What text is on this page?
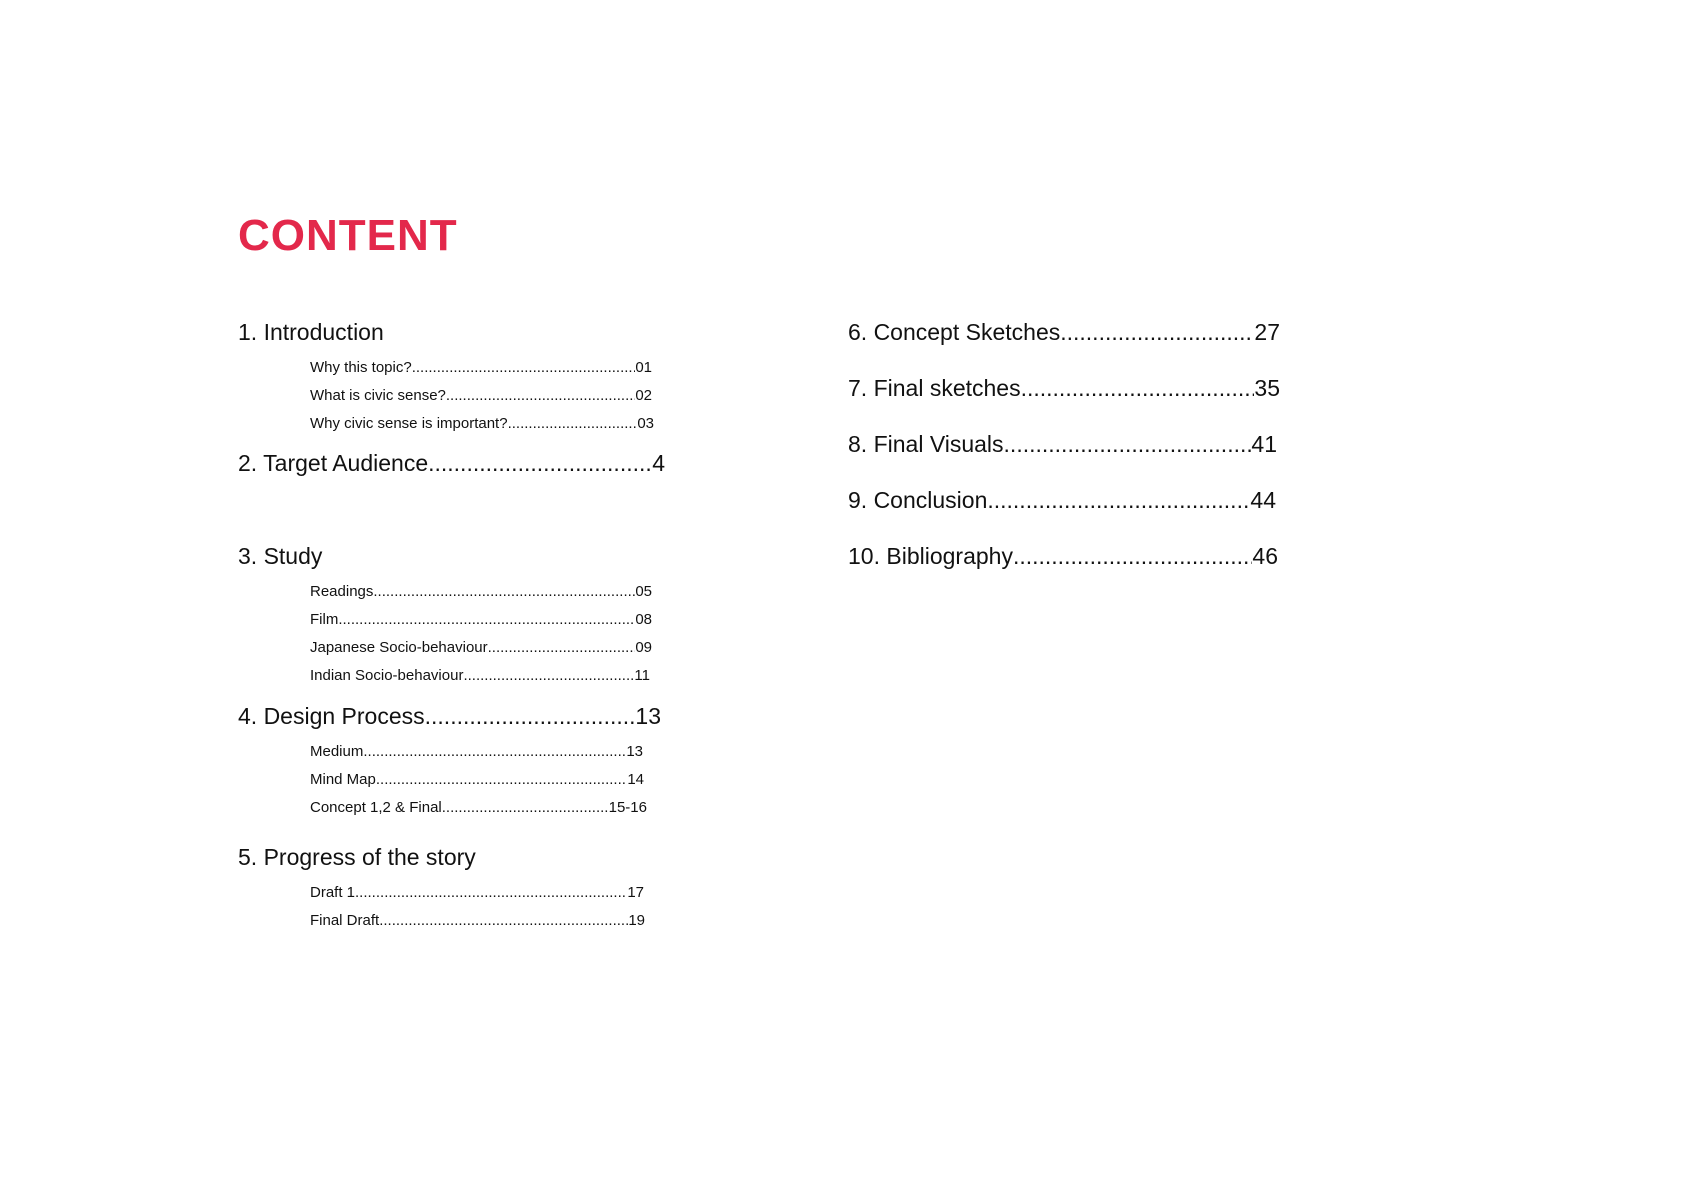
CONTENT
1. Introduction
Why this topic? .....	01
What is civic sense? .....	02
Why civic sense is important? .....	03
2. Target Audience .....	4
3. Study
Readings .....	05
Film .....	08
Japanese Socio-behaviour .....	09
Indian Socio-behaviour .....	11
4. Design Process .....	13
Medium .....	13
Mind Map .....	14
Concept 1,2 & Final .....	15-16
5. Progress of the story
Draft 1 .....	17
Final Draft .....	19
6. Concept Sketches .....	27
7. Final sketches .....	35
8. Final Visuals .....	41
9. Conclusion .....	44
10. Bibliography .....	46
